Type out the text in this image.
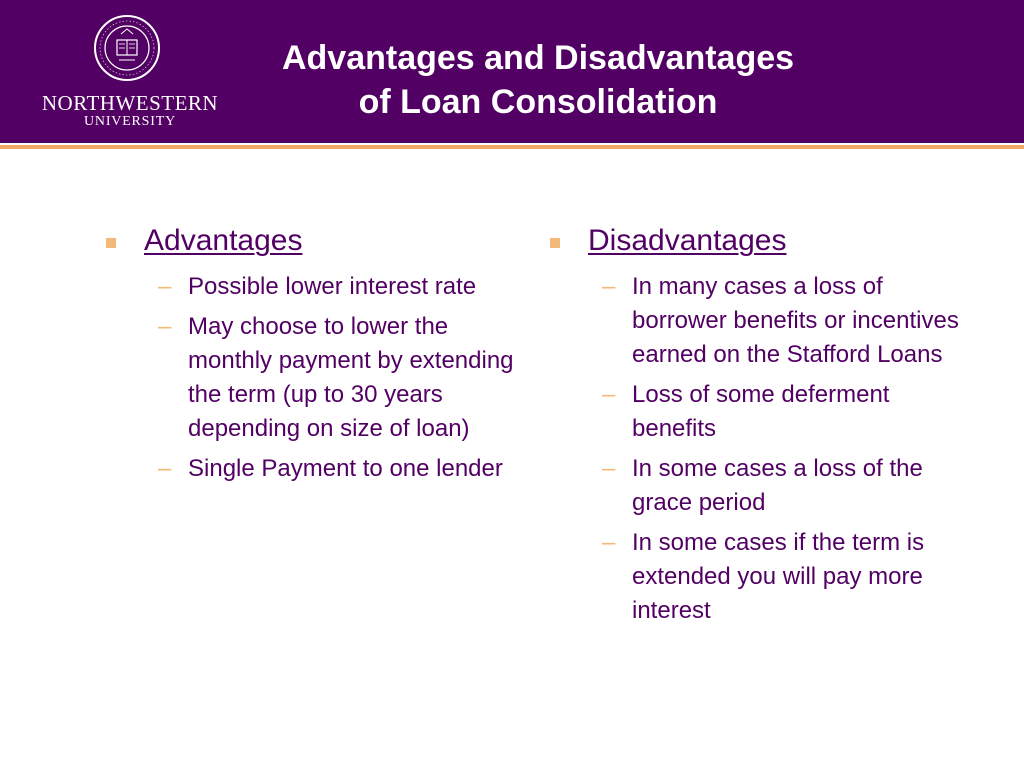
NORTHWESTERN
UNIVERSITY
Advantages and Disadvantages
of Loan Consolidation
Advantages
– Possible lower interest rate
– May choose to lower the monthly payment by extending the term (up to 30 years depending on size of loan)
– Single Payment to one lender
Disadvantages
– In many cases a loss of borrower benefits or incentives earned on the Stafford Loans
– Loss of some deferment benefits
– In some cases a loss of the grace period
– In some cases if the term is extended you will pay more interest
